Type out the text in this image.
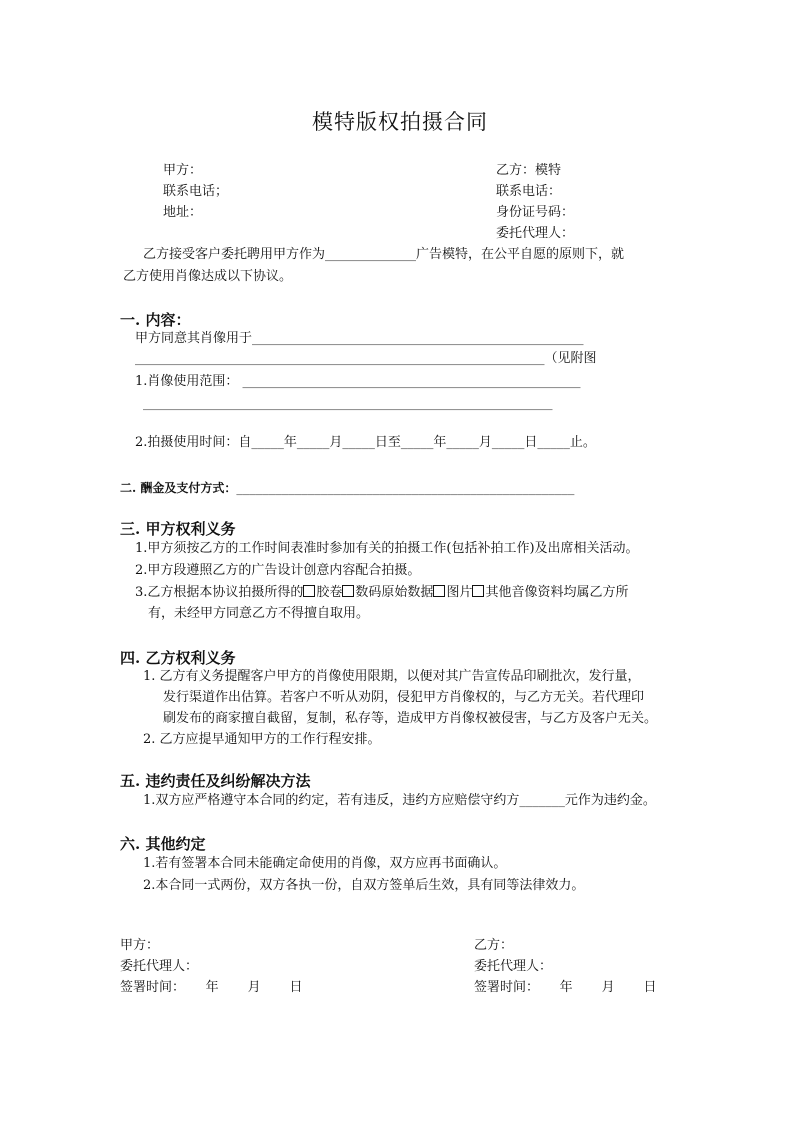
模特版权拍摄合同
甲方：
联系电话；
地址：
乙方：模特
联系电话：
身份证号码：
委托代理人：
乙方接受客户委托聘用甲方作为______________广告模特，在公平自愿的原则下，就
乙方使用肖像达成以下协议。
一. 内容：
甲方同意其肖像用于___________________________________________________
_______________________________________________________________（见附图
1.肖像使用范围： ____________________________________________________
_______________________________________________________________
2.拍摄使用时间：自_____年_____月_____日至_____年_____月_____日_____止。
二. 酬金及支付方式：____________________________________________________
三. 甲方权利义务
1.甲方须按乙方的工作时间表准时参加有关的拍摄工作(包括补拍工作)及出席相关活动。
2.甲方段遵照乙方的广告设计创意内容配合拍摄。
3.乙方根据本协议拍摄所得的 胶卷 数码原始数据 图片 其他音像资料均属乙方所
有，未经甲方同意乙方不得擅自取用。
四. 乙方权利义务
1. 乙方有义务提醒客户甲方的肖像使用限期，以便对其广告宣传品印刷批次，发行量，
发行渠道作出估算。若客户不听从劝阴，侵犯甲方肖像权的，与乙方无关。若代理印
刷发布的商家擅自截留，复制，私存等，造成甲方肖像权被侵害，与乙方及客户无关。
2. 乙方应提早通知甲方的工作行程安排。
五. 违约责任及纠纷解决方法
1.双方应严格遵守本合同的约定，若有违反，违约方应赔偿守约方_______元作为违约金。
六. 其他约定
1.若有签署本合同未能确定命使用的肖像，双方应再书面确认。
2.本合同一式两份，双方各执一份，自双方签单后生效，具有同等法律效力。
甲方：
委托代理人：
签署时间：     年       月       日
乙方：
委托代理人：
签署时间：     年       月       日
